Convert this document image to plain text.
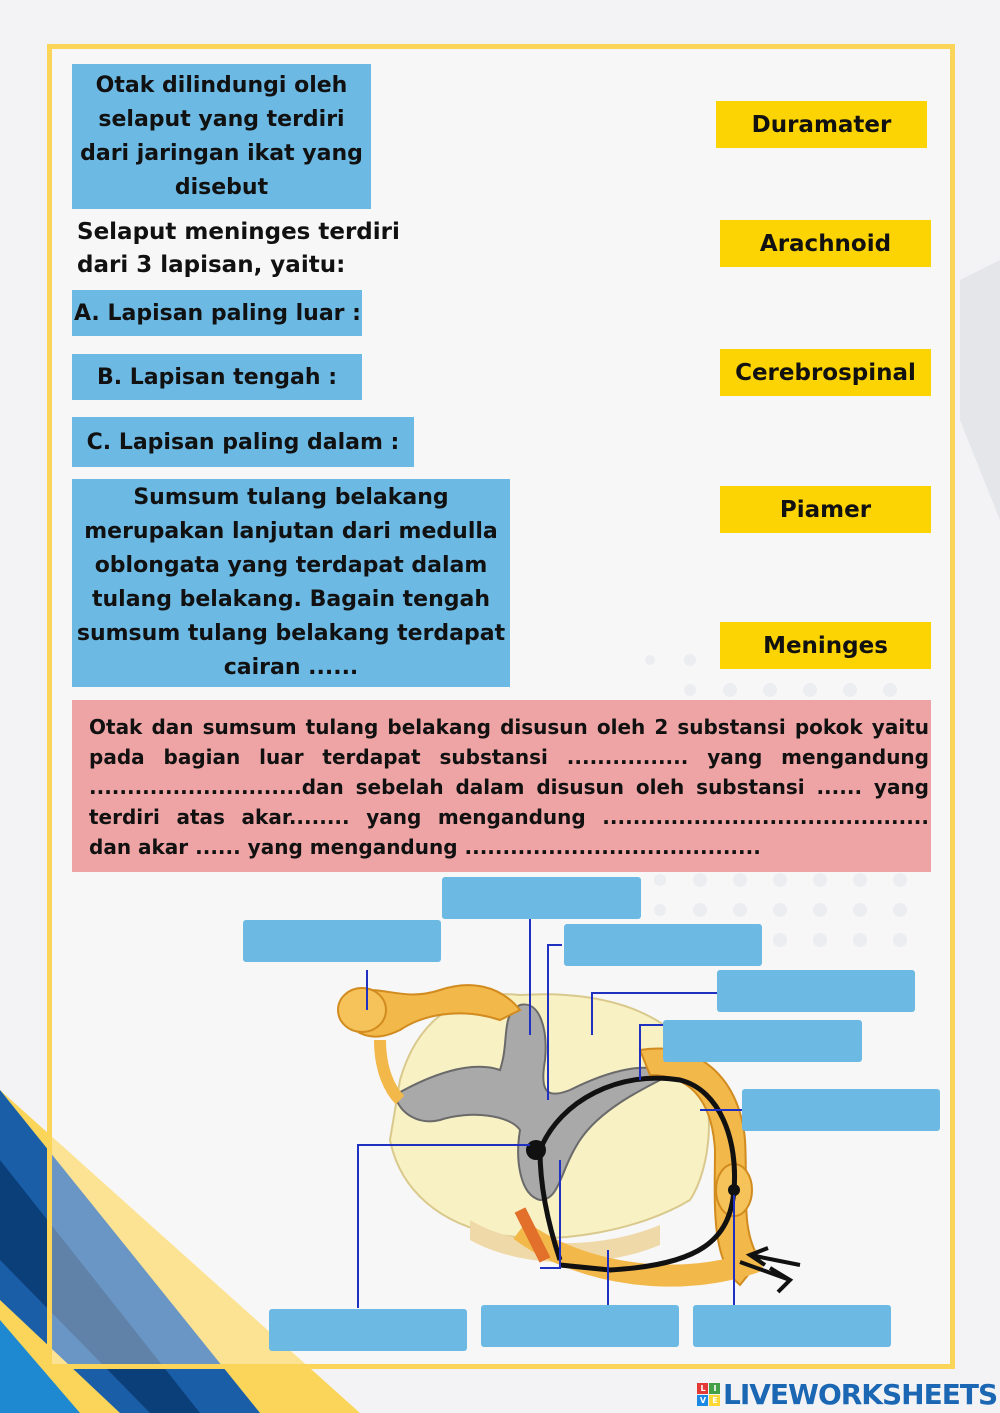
Otak dilindungi oleh selaput yang terdiri dari jaringan ikat yang disebut
Selaput meninges terdiri dari 3 lapisan, yaitu:
A. Lapisan paling luar :
B. Lapisan tengah :
C. Lapisan paling dalam :
Sumsum tulang belakang merupakan lanjutan dari medulla oblongata yang terdapat dalam tulang belakang. Bagain tengah sumsum tulang belakang terdapat cairan ......
Duramater
Arachnoid
Cerebrospinal
Piamer
Meninges
Otak dan sumsum tulang belakang disusun oleh 2 substansi pokok yaitu pada bagian luar terdapat substansi ................ yang mengandung ............................dan sebelah dalam disusun oleh substansi ...... yang terdiri atas akar........ yang mengandung ........................................... dan akar ...... yang mengandung .......................................
L	I
V E LIVEWORKSHEETS
